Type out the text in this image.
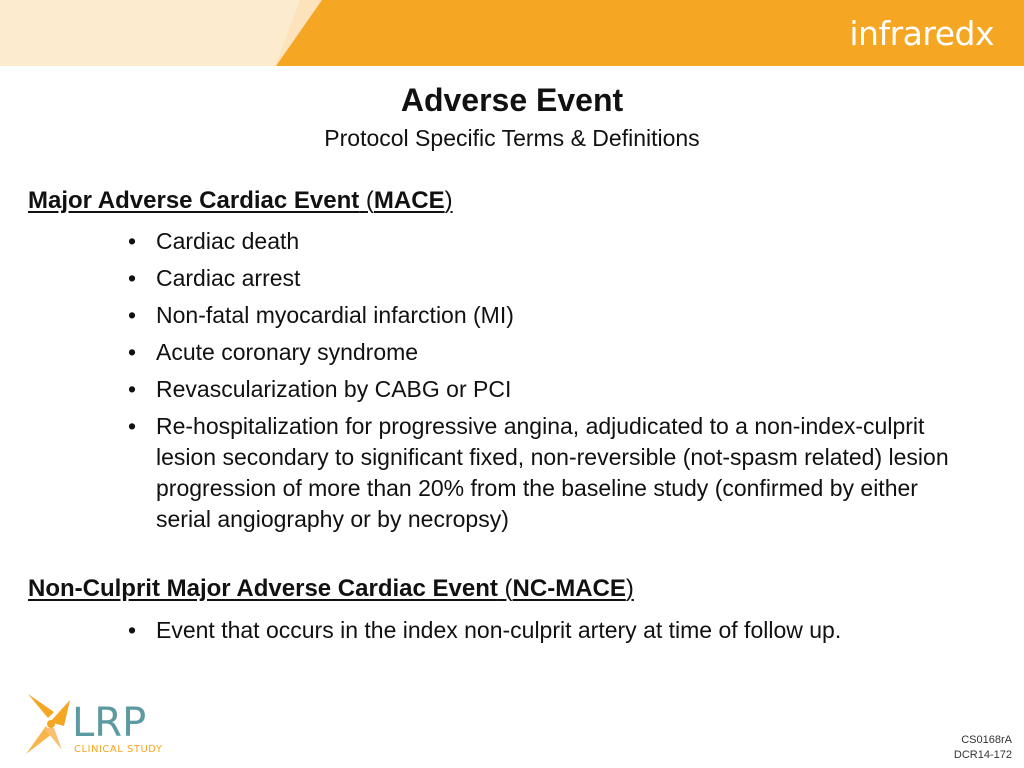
infraredx
Adverse Event
Protocol Specific Terms & Definitions
Major Adverse Cardiac Event (MACE)
• Cardiac death
• Cardiac arrest
• Non-fatal myocardial infarction (MI)
• Acute coronary syndrome
• Revascularization by CABG or PCI
• Re-hospitalization for progressive angina, adjudicated to a non-index-culprit lesion secondary to significant fixed, non-reversible (not-spasm related) lesion progression of more than 20% from the baseline study (confirmed by either serial angiography or by necropsy)
Non-Culprit Major Adverse Cardiac Event (NC-MACE)
• Event that occurs in the index non-culprit artery at time of follow up.
LRP
CLINICAL STUDY
CS0168rA
DCR14-172
